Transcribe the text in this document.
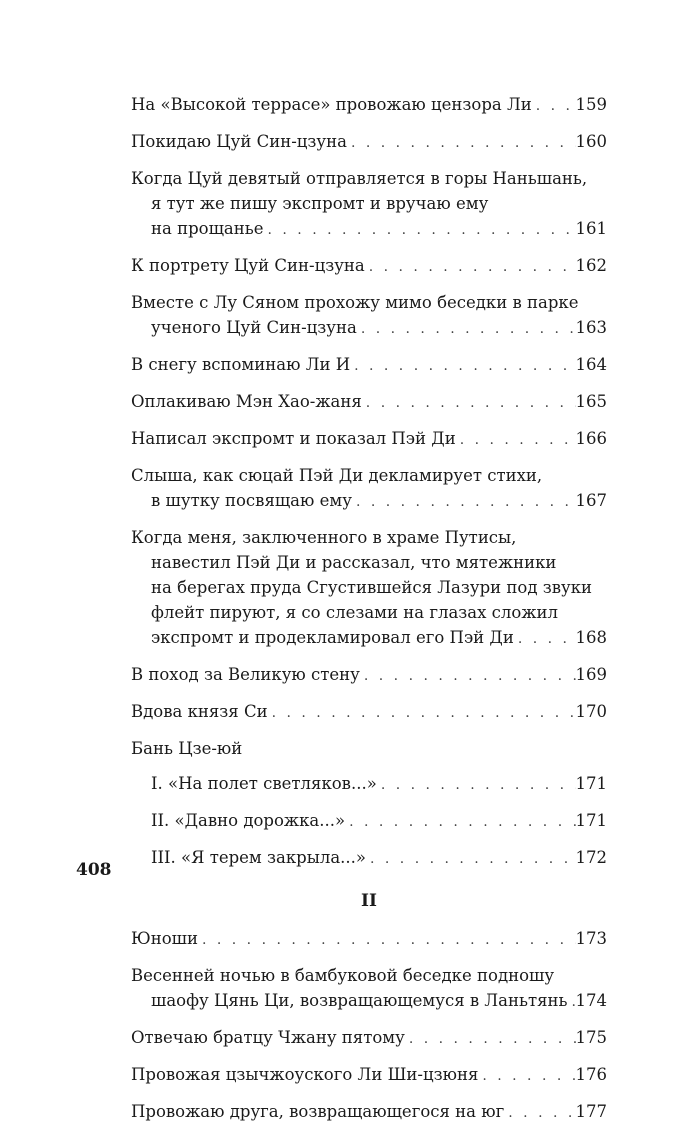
408
На «Высокой террасе» провожаю цензора Ли . . .	159
Покидаю Цуй Син-цзуна . . .	160
Когда Цуй девятый отправляется в горы Наньшань,
я тут же пишу экспромт и вручаю ему
на прощанье . . .	161
К портрету Цуй Син-цзуна . . .	162
Вместе с Лу Сяном прохожу мимо беседки в парке
ученого Цуй Син-цзуна . . .	163
В снегу вспоминаю Ли И . . .	164
Оплакиваю Мэн Хао-жаня . . .	165
Написал экспромт и показал Пэй Ди . . .	166
Слыша, как сюцай Пэй Ди декламирует стихи,
в шутку посвящаю ему . . .	167
Когда меня, заключенного в храме Путисы,
навестил Пэй Ди и рассказал, что мятежники
на берегах пруда Сгустившейся Лазури под звуки
флейт пируют, я со слезами на глазах сложил
экспромт и продекламировал его Пэй Ди . . .	168
В поход за Великую стену . . .	169
Вдова князя Си . . .	170
Бань Цзе-юй
I. «На полет светляков...» . . .	171
II. «Давно дорожка...» . . .	171
III. «Я терем закрыла...» . . .	172
II
Юноши . . .	173
Весенней ночью в бамбуковой беседке подношу
шаофу Цянь Ци, возвращающемуся в Ланьтянь . . . 174
Отвечаю братцу Чжану пятому . . .	175
Провожая цзычжоуского Ли Ши-цзюня . . .	176
Провожаю друга, возвращающегося на юг . . .	177
